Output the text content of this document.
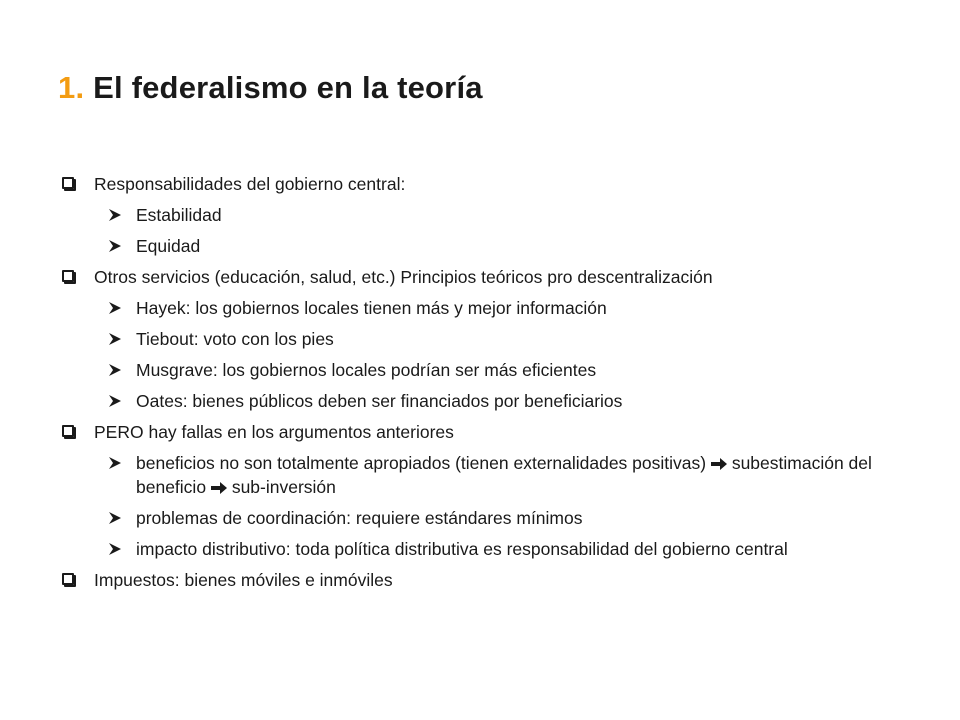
1. El federalismo en la teoría
Responsabilidades del gobierno central:
Estabilidad
Equidad
Otros servicios (educación, salud, etc.) Principios teóricos pro descentralización
Hayek: los gobiernos locales tienen más y mejor información
Tiebout: voto con los pies
Musgrave: los gobiernos locales podrían ser más eficientes
Oates: bienes públicos deben ser financiados por beneficiarios
PERO hay fallas en los argumentos anteriores
beneficios no son totalmente apropiados (tienen externalidades positivas) subestimación del beneficio sub-inversión
problemas de coordinación: requiere estándares mínimos
impacto distributivo: toda política distributiva es responsabilidad del gobierno central
Impuestos: bienes móviles e inmóviles
